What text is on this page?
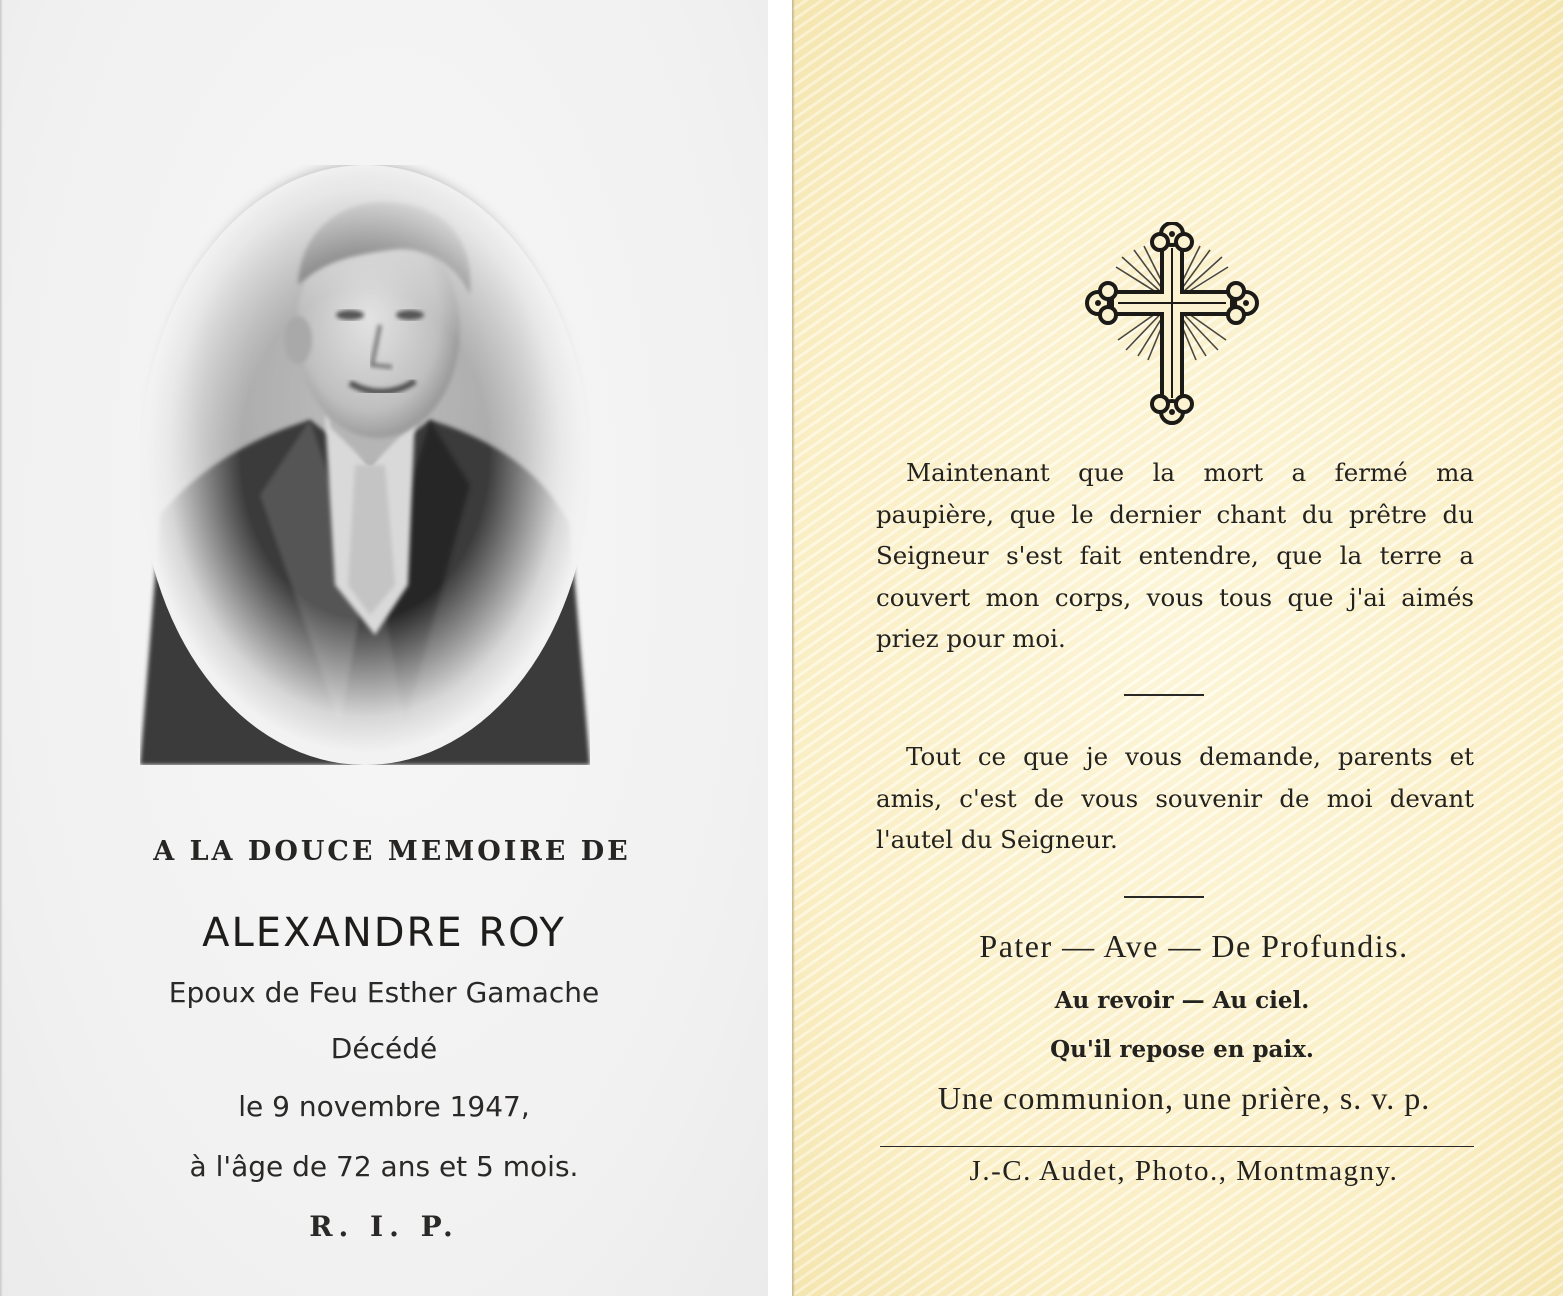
A LA DOUCE MEMOIRE DE
ALEXANDRE ROY
Epoux de Feu Esther Gamache
Décédé
le 9 novembre 1947,
à l'âge de 72 ans et 5 mois.
R. I. P.
Maintenant que la mort a fermé ma paupière, que le dernier chant du prêtre du Seigneur s'est fait entendre, que la terre a couvert mon corps, vous tous que j'ai aimés priez pour moi.
Tout ce que je vous demande, parents et amis, c'est de vous souvenir de moi devant l'autel du Seigneur.
Pater — Ave — De Profundis.
Au revoir — Au ciel.
Qu'il repose en paix.
Une communion, une prière, s. v. p.
J.-C. Audet, Photo., Montmagny.
